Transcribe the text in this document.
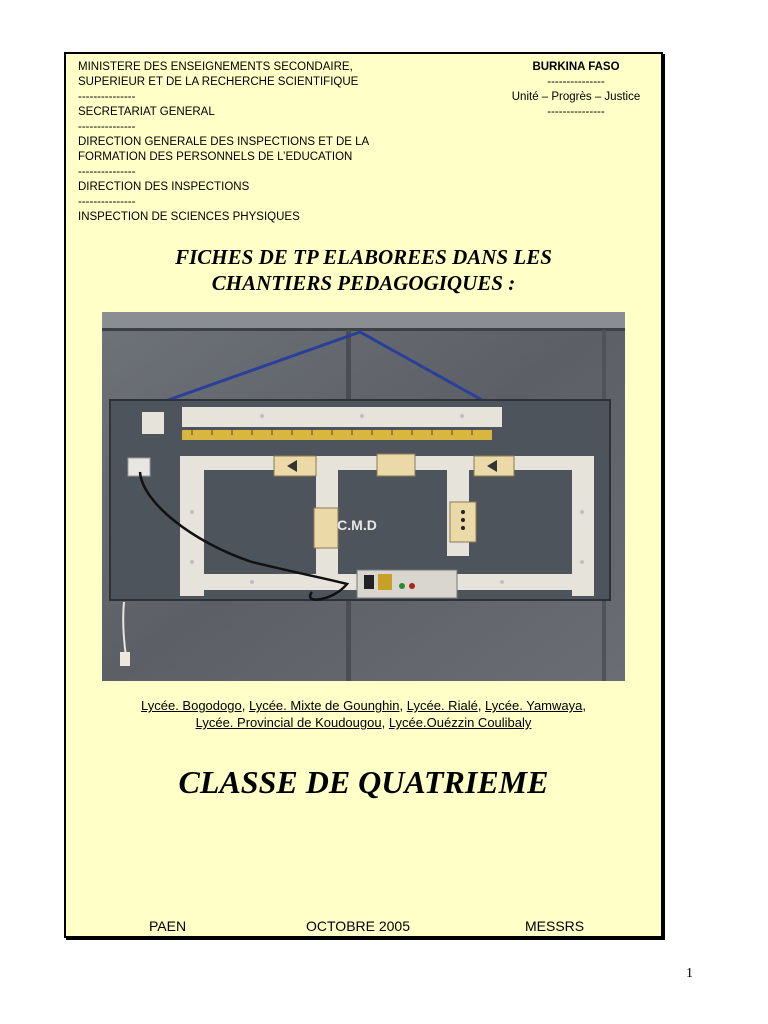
MINISTERE DES ENSEIGNEMENTS SECONDAIRE,
SUPERIEUR ET DE LA RECHERCHE SCIENTIFIQUE
---------------
SECRETARIAT GENERAL
---------------
DIRECTION GENERALE DES INSPECTIONS ET DE LA
FORMATION DES PERSONNELS DE L’EDUCATION
---------------
DIRECTION DES INSPECTIONS
---------------
INSPECTION DE SCIENCES PHYSIQUES
BURKINA FASO
---------------
Unité – Progrès – Justice
---------------
FICHES DE TP ELABOREES DANS LES
CHANTIERS PEDAGOGIQUES :
C.M.D
Lycée. Bogodogo, Lycée. Mixte de Gounghin, Lycée. Rialé, Lycée. Yamwaya,
Lycée. Provincial de Koudougou, Lycée.Ouézzin Coulibaly
CLASSE DE QUATRIEME
PAEN	OCTOBRE 2005	MESSRS
1
